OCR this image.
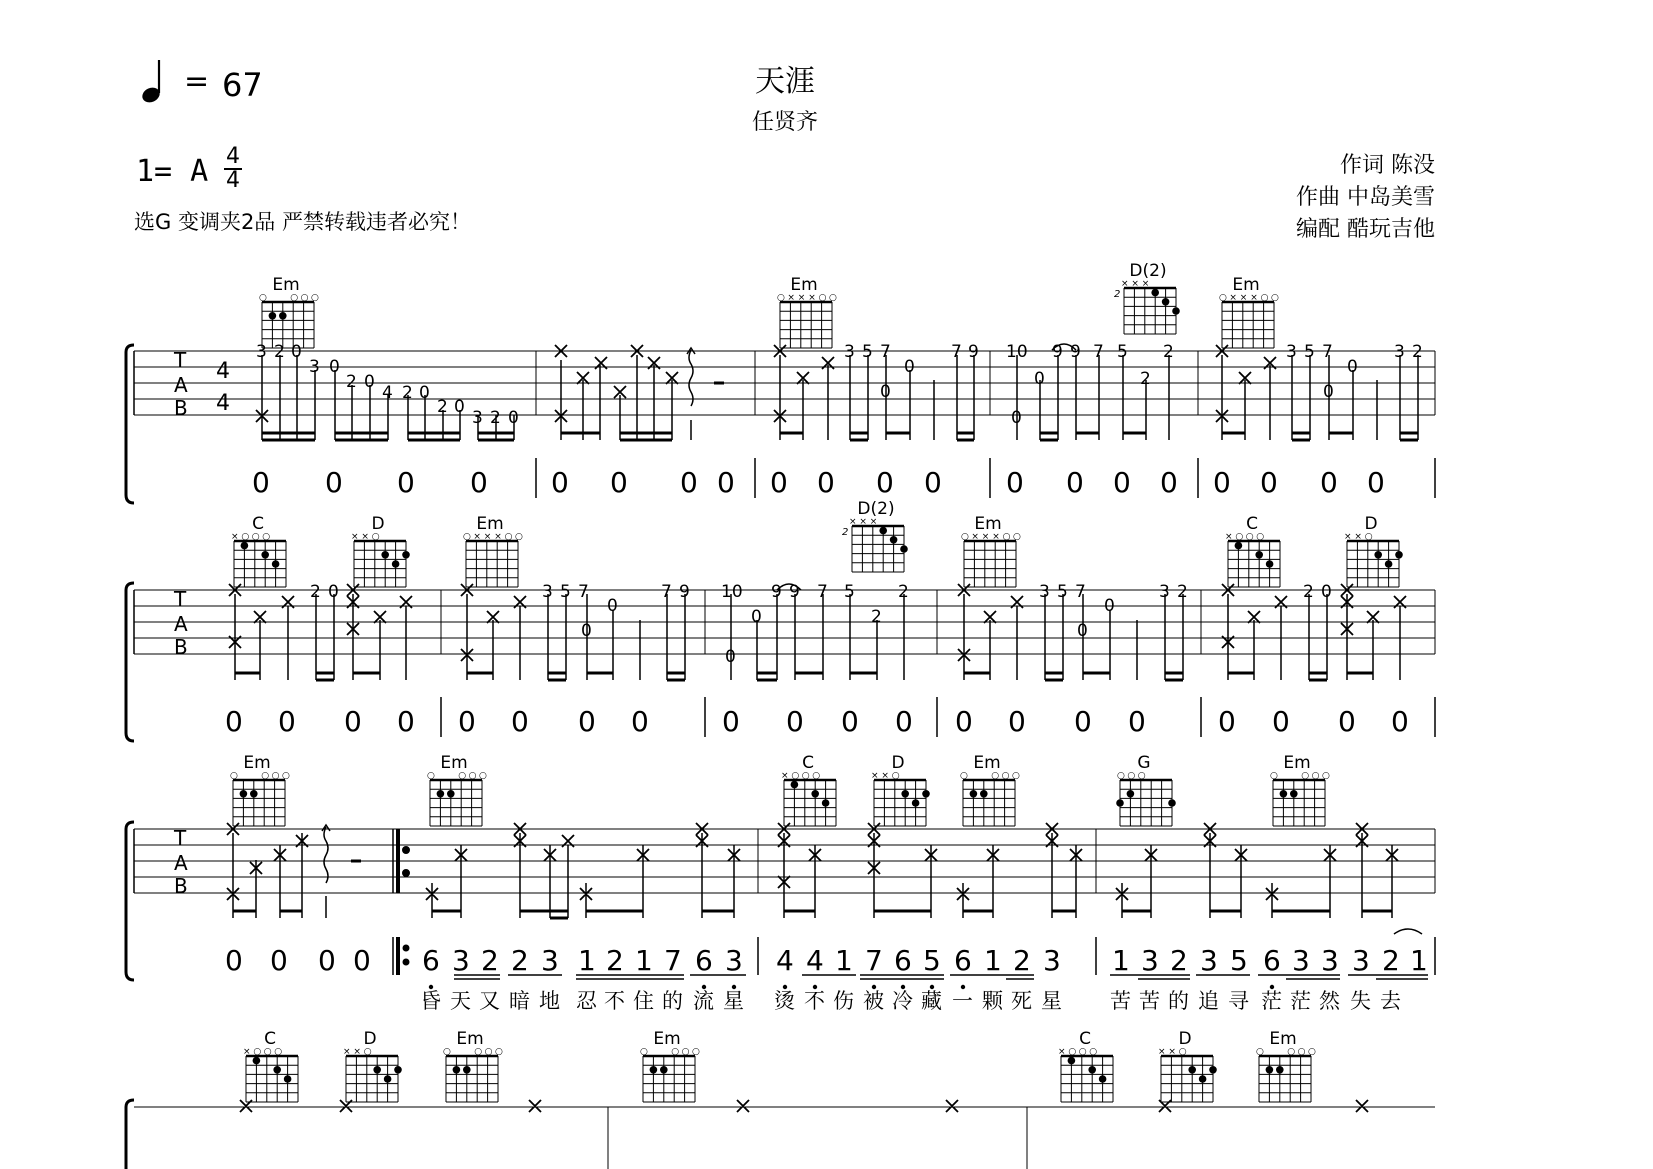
天涯
任贤齐
= 67
1= A 4
4
选G 变调夹2品 严禁转载违者必究！
作词 陈没
作曲 中岛美雪
编配 酷玩吉他
T
A
B
4
4
3 2 0
3 0
2 0
4 2 0
2 0
3 2 0
3 5 7
0
0
7 9 10 9 9 7 5
0
0
2
2
3 5 7
0
0
3 2
0 0 0 0 0 0 0 0 0 0 0 0 0 0 0 0 0 0 0 0
T
A
B
2 0	3 5 7
0
0
7 9 10 9 9 7 5
0
0
2
2
3 5 7
0
0
3 2	2 0
0 0 0 0 0 0 0 0	0 0 0 0 0 0 0 0	0 0 0 0
T
A
B
0 0 0 0 6 3 2 2 3 1 2 1 7 6 3 4 4 1 7 6 5 6 1 2 3 1 3 2 3 5 6 3 3 3 2 1
昏 天 又 暗 地 忍 不 住 的 流 星 烫 不 伤 被 冷 藏 一 颗 死 星 苦 苦 的 追 寻 茫 茫 然 失 去
Em
○	○ ○ ○
Em
○ × × × ○ ○
D(2)
× × ×
2	Em
○ × × × ○ ○
C
× ○ ○ ○
D
× × ○
Em
○ × × × ○ ○
D(2)
× × ×
2	Em
○ × × × ○ ○
C
× ○ ○ ○
D
× × ○
Em
○	○ ○ ○
Em
○	○ ○ ○
C
× ○ ○ ○
D
× × ○
Em
○	○ ○ ○
G
○ ○ ○
Em
○	○ ○ ○
C
× ○ ○ ○
D
× × ○
Em
○	○ ○ ○
Em
○	○ ○ ○
C
× ○ ○ ○
D
× × ○
Em
○	○ ○ ○
